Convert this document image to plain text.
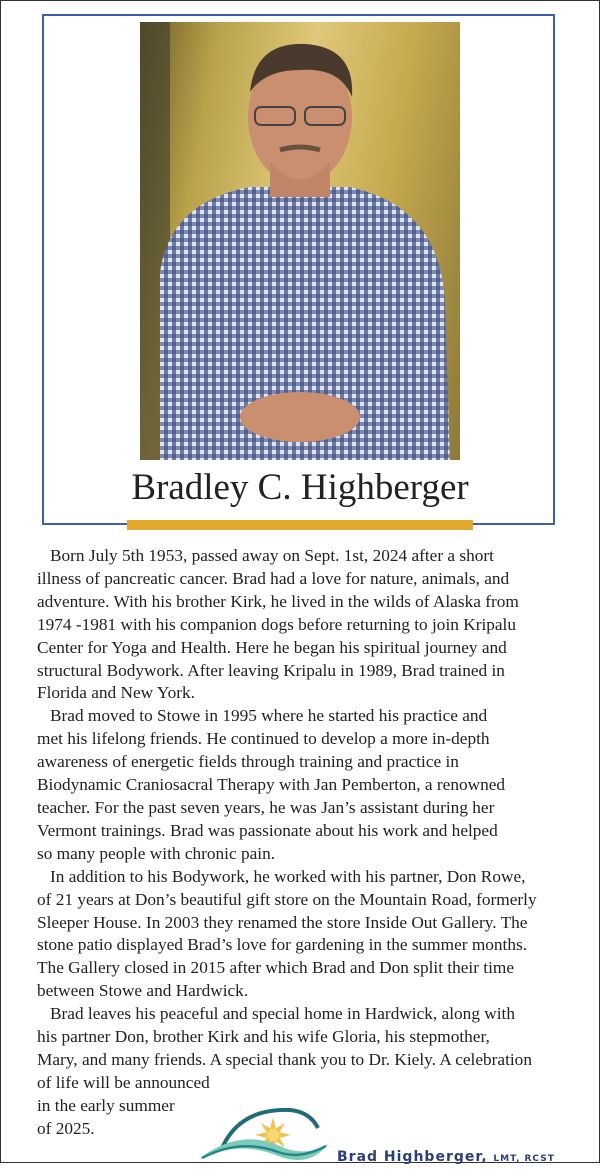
Bradley C. Highberger
Born July 5th 1953, passed away on Sept. 1st, 2024 after a short
illness of pancreatic cancer. Brad had a love for nature, animals, and
adventure. With his brother Kirk, he lived in the wilds of Alaska from
1974 -1981 with his companion dogs before returning to join Kripalu
Center for Yoga and Health. Here he began his spiritual journey and
structural Bodywork. After leaving Kripalu in 1989, Brad trained in
Florida and New York.
Brad moved to Stowe in 1995 where he started his practice and
met his lifelong friends. He continued to develop a more in-depth
awareness of energetic fields through training and practice in
Biodynamic Craniosacral Therapy with Jan Pemberton, a renowned
teacher. For the past seven years, he was Jan’s assistant during her
Vermont trainings. Brad was passionate about his work and helped
so many people with chronic pain.
In addition to his Bodywork, he worked with his partner, Don Rowe,
of 21 years at Don’s beautiful gift store on the Mountain Road, formerly
Sleeper House. In 2003 they renamed the store Inside Out Gallery. The
stone patio displayed Brad’s love for gardening in the summer months.
The Gallery closed in 2015 after which Brad and Don split their time
between Stowe and Hardwick.
Brad leaves his peaceful and special home in Hardwick, along with
his partner Don, brother Kirk and his wife Gloria, his stepmother,
Mary, and many friends. A special thank you to Dr. Kiely. A celebration
of life will be announced
in the early summer
of 2025.
Brad Highberger, LMT, RCST
